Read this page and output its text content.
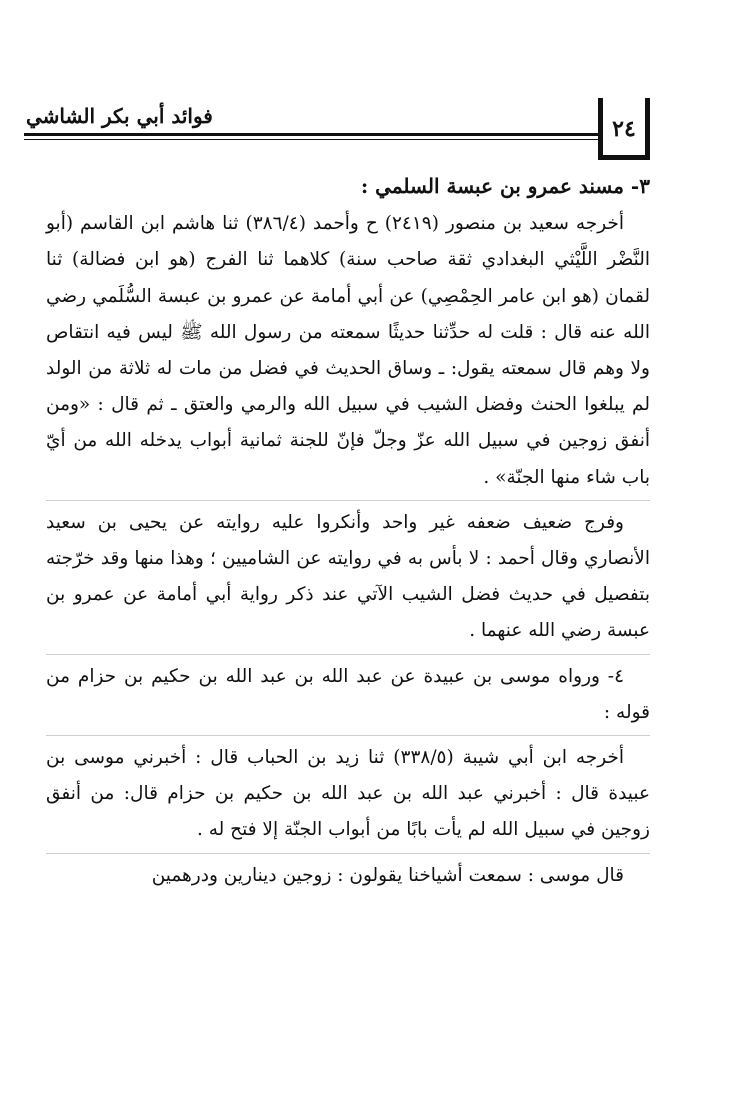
فوائد أبي بكر الشاشي	٢٤

٣- مسند عمرو بن عبسة السلمي :

أخرجه سعيد بن منصور (٢٤١٩) ح وأحمد (٣٨٦/٤) ثنا هاشم ابن القاسم (أبو النَّضْر اللَّيْثي البغدادي ثقة صاحب سنة) كلاهما ثنا الفرج (هو ابن فضالة) ثنا لقمان (هو ابن عامر الحِمْصِي) عن أبي أمامة عن عمرو بن عبسة السُّلَمي رضي الله عنه قال : قلت له حدِّثنا حديثًا سمعته من رسول الله ﷺ ليس فيه انتقاص ولا وهم قال سمعته يقول: ـ وساق الحديث في فضل من مات له ثلاثة من الولد لم يبلغوا الحنث وفضل الشيب في سبيل الله والرمي والعتق ـ ثم قال : «ومن أنفق زوجين في سبيل الله عزّ وجلّ فإنّ للجنة ثمانية أبواب يدخله الله من أيّ باب شاء منها الجنّة» .

وفرج ضعيف ضعفه غير واحد وأنكروا عليه روايته عن يحيى بن سعيد الأنصاري وقال أحمد : لا بأس به في روايته عن الشاميين ؛ وهذا منها وقد خرّجته بتفصيل في حديث فضل الشيب الآتي عند ذكر رواية أبي أمامة عن عمرو بن عبسة رضي الله عنهما .

٤- ورواه موسى بن عبيدة عن عبد الله بن عبد الله بن حكيم بن حزام من قوله :

أخرجه ابن أبي شيبة (٣٣٨/٥) ثنا زيد بن الحباب قال : أخبرني موسى بن عبيدة قال : أخبرني عبد الله بن عبد الله بن حكيم بن حزام قال: من أنفق زوجين في سبيل الله لم يأت بابًا من أبواب الجنّة إلا فتح له .

قال موسى : سمعت أشياخنا يقولون : زوجين دينارين ودرهمين
